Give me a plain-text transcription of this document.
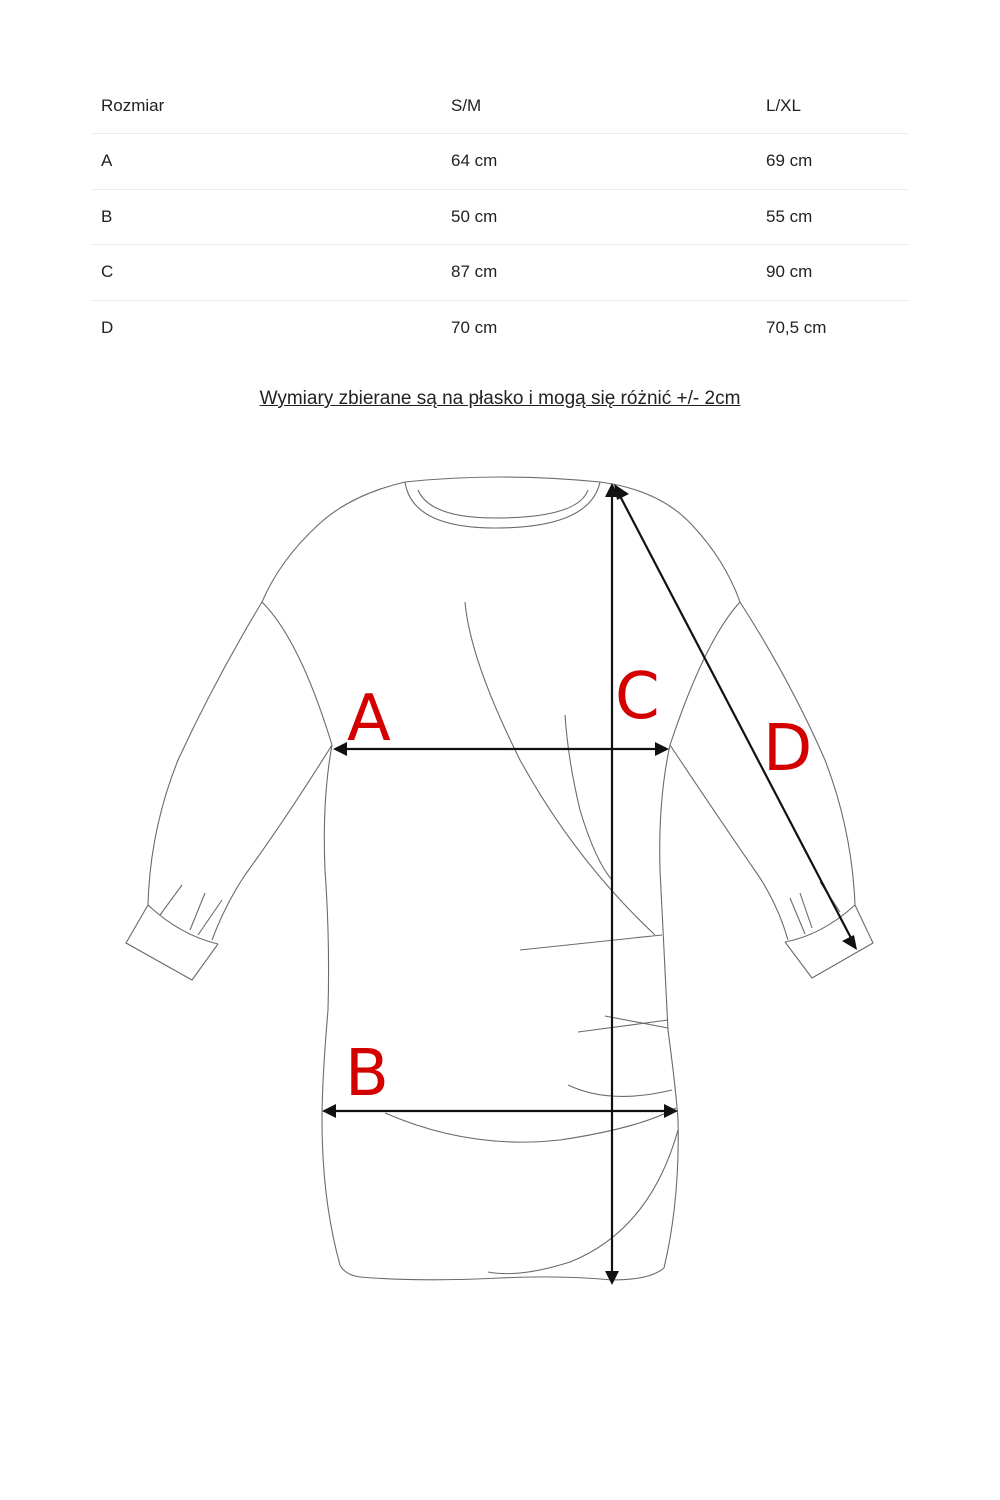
Rozmiar	S/M	L/XL
A	64 cm	69 cm
B	50 cm	55 cm
C	87 cm	90 cm
D	70 cm	70,5 cm
Wymiary zbierane są na płasko i mogą się różnić +/- 2cm
A
B
C
D
